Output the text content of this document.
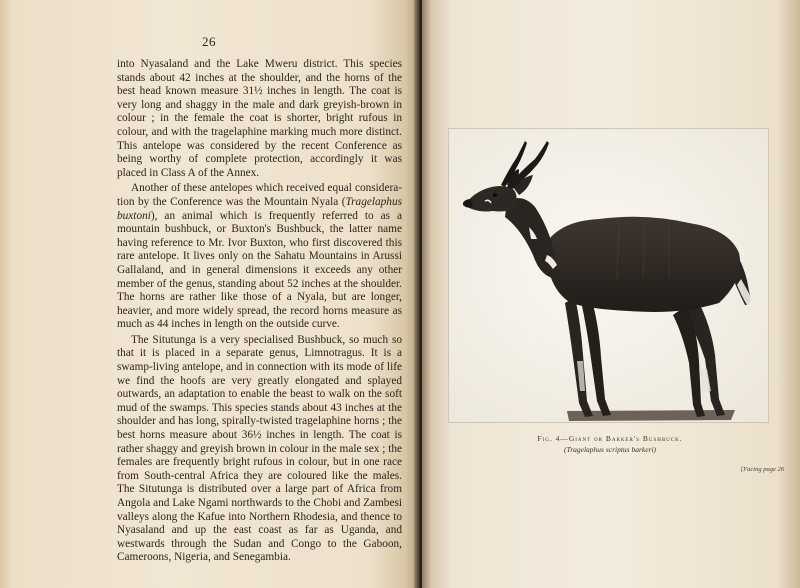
26

into Nyasaland and the Lake Mweru district. This species stands about 42 inches at the shoulder, and the horns of the best head known measure 31½ inches in length. The coat is very long and shaggy in the male and dark greyish-brown in colour ; in the female the coat is shorter, bright rufous in colour, and with the tragelaphine marking much more distinct. This antelope was considered by the recent Conference as being worthy of complete protection, accordingly it was placed in Class A of the Annex.

Another of these antelopes which received equal considera-tion by the Conference was the Mountain Nyala (Tragelaphus buxtoni), an animal which is frequently referred to as a mountain bushbuck, or Buxton's Bushbuck, the latter name having reference to Mr. Ivor Buxton, who first discovered this rare antelope. It lives only on the Sahatu Mountains in Arussi Gallaland, and in general dimensions it exceeds any other member of the genus, standing about 52 inches at the shoulder. The horns are rather like those of a Nyala, but are longer, heavier, and more widely spread, the record horns measure as much as 44 inches in length on the outside curve.

The Situtunga is a very specialised Bushbuck, so much so that it is placed in a separate genus, Limnotragus. It is a swamp-living antelope, and in connection with its mode of life we find the hoofs are very greatly elongated and splayed outwards, an adaptation to enable the beast to walk on the soft mud of the swamps. This species stands about 43 inches at the shoulder and has long, spirally-twisted tragelaphine horns ; the best horns measure about 36½ inches in length. The coat is rather shaggy and greyish brown in colour in the male sex ; the females are frequently bright rufous in colour, but in one race from South-central Africa they are coloured like the males. The Situtunga is distributed over a large part of Africa from Angola and Lake Ngami northwards to the Chobi and Zambesi valleys along the Kafue into Northern Rhodesia, and thence to Nyasaland and up the east coast as far as Uganda, and westwards through the Sudan and Congo to the Gaboon, Cameroons, Nigeria, and Senegambia.

Fig. 4—Giant or Barker's Bushbuck.
(Tragelaphus scriptus barkeri)
[Facing page 26
